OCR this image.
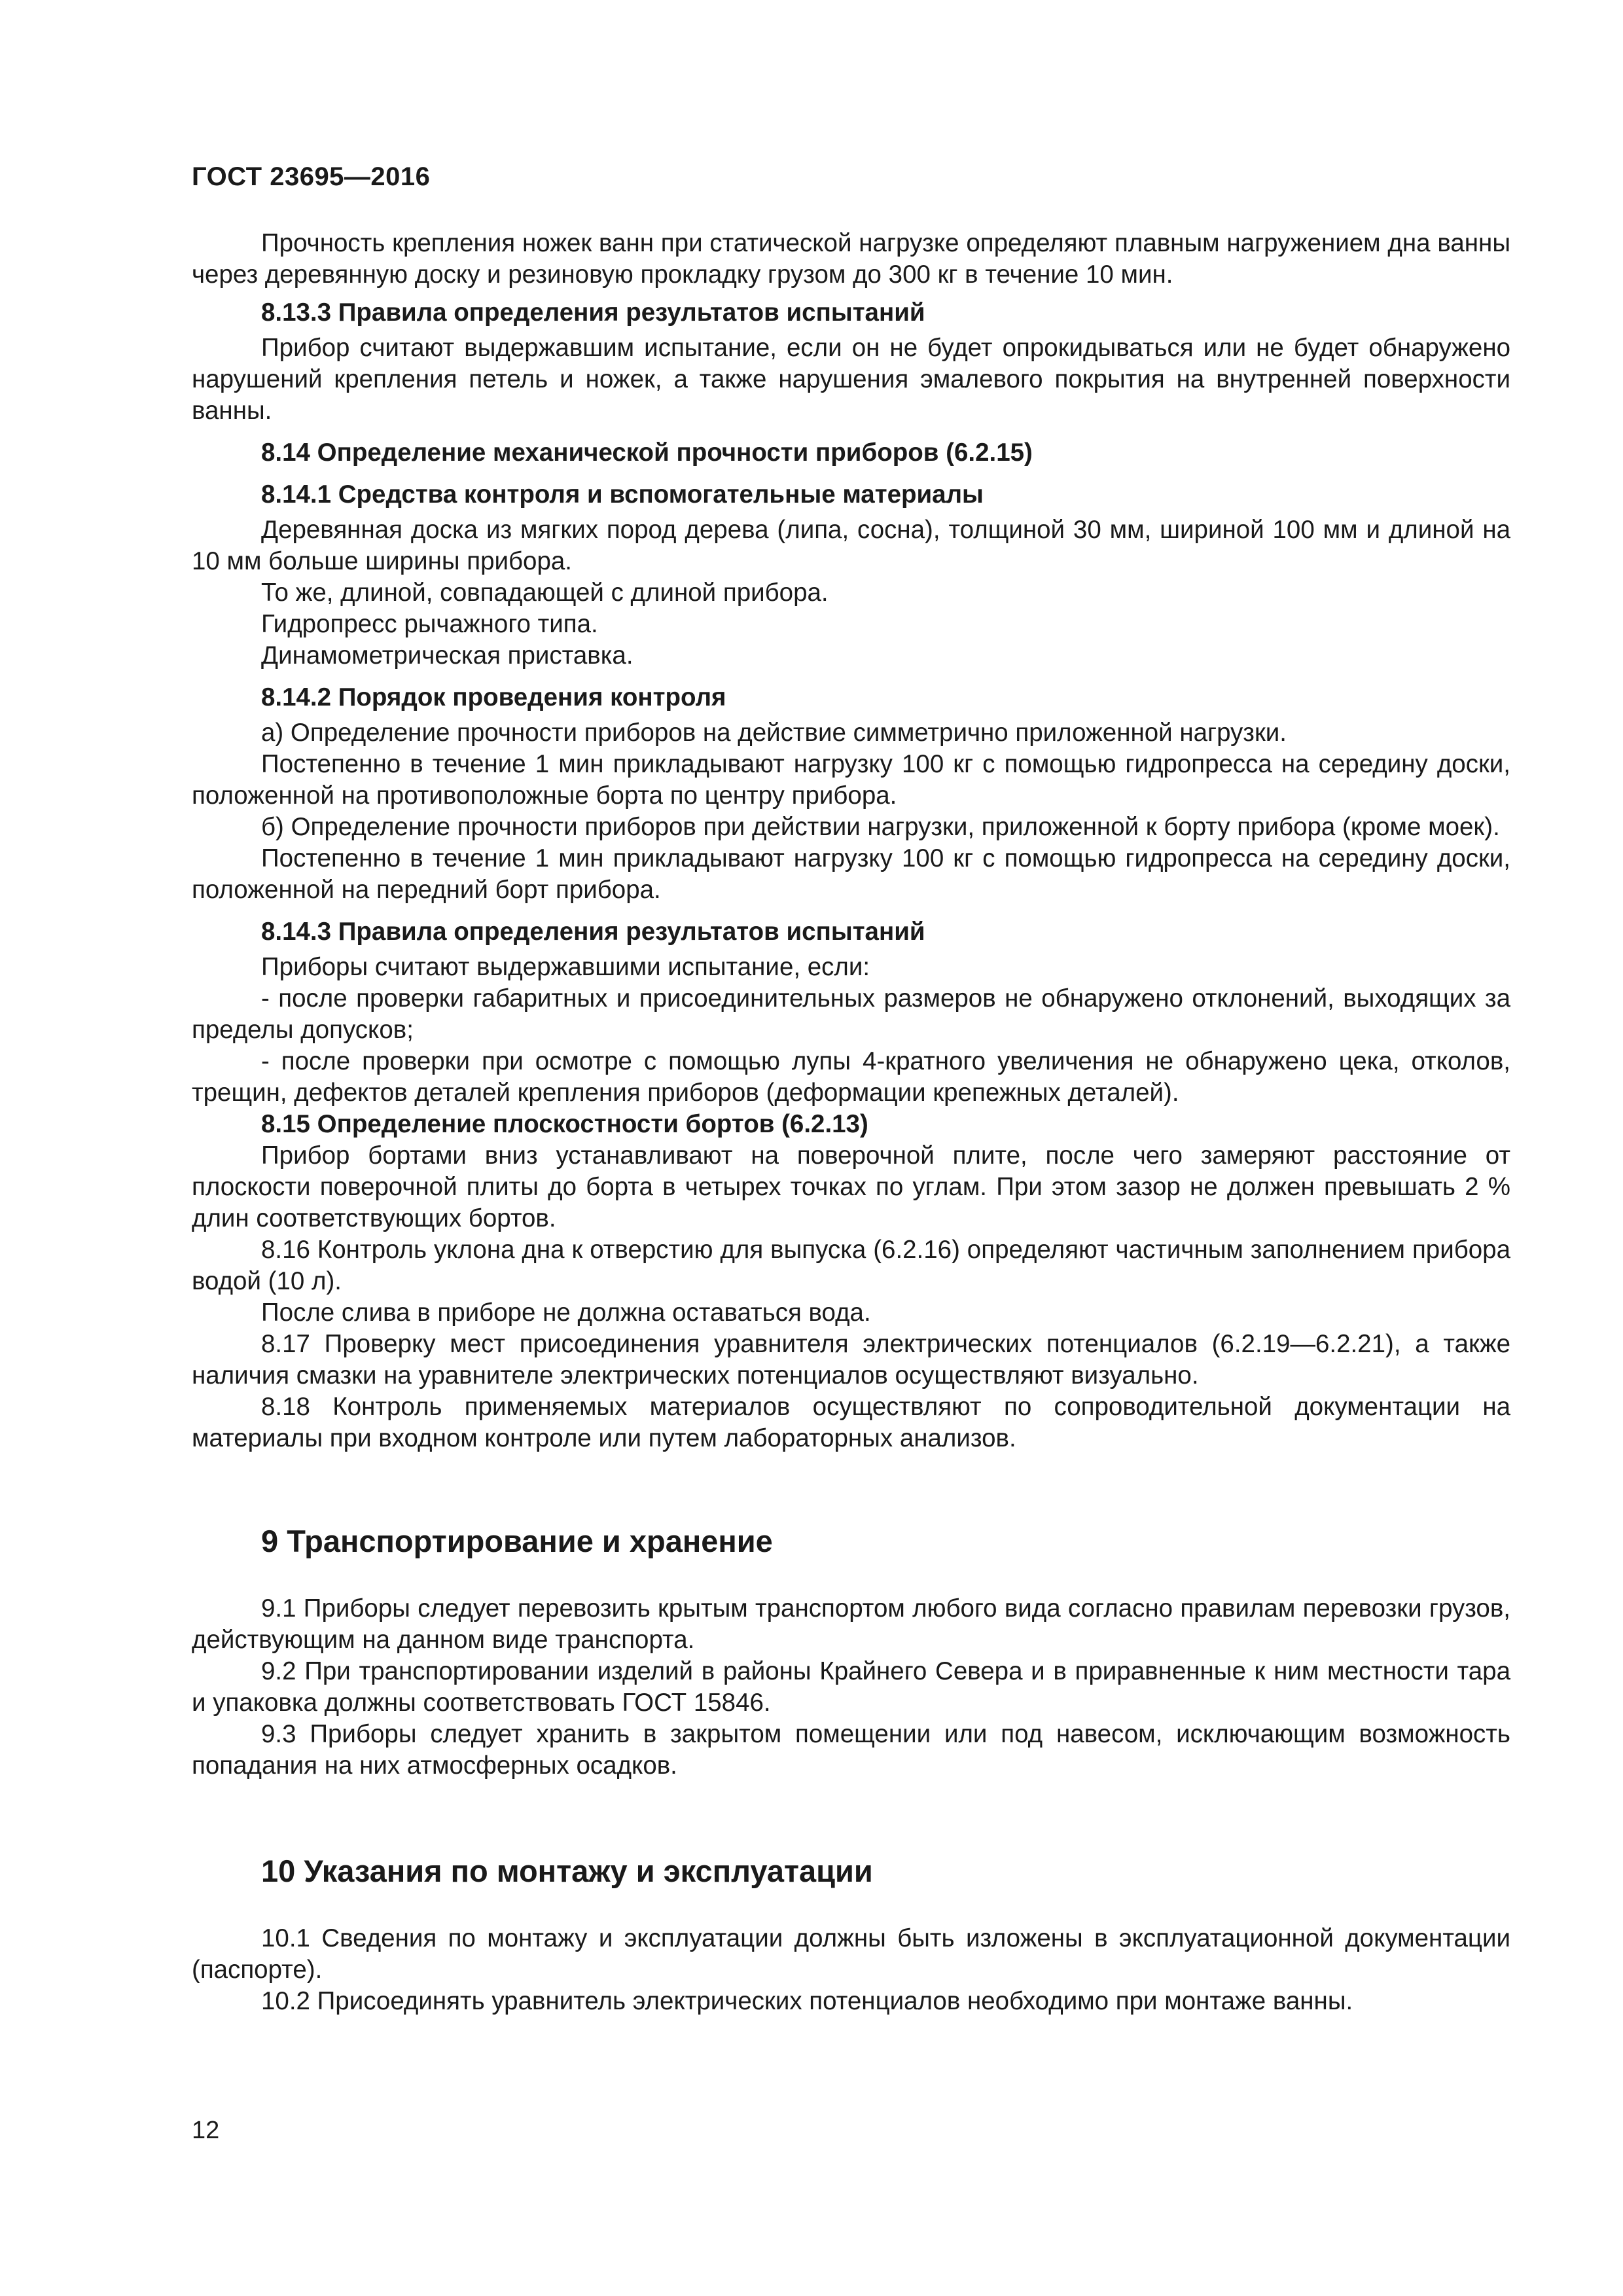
ГОСТ 23695—2016

Прочность крепления ножек ванн при статической нагрузке определяют плавным нагружением дна ванны через деревянную доску и резиновую прокладку грузом до 300 кг в течение 10 мин.

8.13.3 Правила определения результатов испытаний

Прибор считают выдержавшим испытание, если он не будет опрокидываться или не будет обнаружено нарушений крепления петель и ножек, а также нарушения эмалевого покрытия на внутренней поверхности ванны.

8.14 Определение механической прочности приборов (6.2.15)

8.14.1 Средства контроля и вспомогательные материалы

Деревянная доска из мягких пород дерева (липа, сосна), толщиной 30 мм, шириной 100 мм и длиной на 10 мм больше ширины прибора.

То же, длиной, совпадающей с длиной прибора.

Гидропресс рычажного типа.

Динамометрическая приставка.

8.14.2 Порядок проведения контроля

а) Определение прочности приборов на действие симметрично приложенной нагрузки.

Постепенно в течение 1 мин прикладывают нагрузку 100 кг с помощью гидропресса на середину доски, положенной на противоположные борта по центру прибора.

б) Определение прочности приборов при действии нагрузки, приложенной к борту прибора (кроме моек).

Постепенно в течение 1 мин прикладывают нагрузку 100 кг с помощью гидропресса на середину доски, положенной на передний борт прибора.

8.14.3 Правила определения результатов испытаний

Приборы считают выдержавшими испытание, если:

- после проверки габаритных и присоединительных размеров не обнаружено отклонений, выходящих за пределы допусков;

- после проверки при осмотре с помощью лупы 4-кратного увеличения не обнаружено цека, отколов, трещин, дефектов деталей крепления приборов (деформации крепежных деталей).

8.15 Определение плоскостности бортов (6.2.13)

Прибор бортами вниз устанавливают на поверочной плите, после чего замеряют расстояние от плоскости поверочной плиты до борта в четырех точках по углам. При этом зазор не должен превышать 2 % длин соответствующих бортов.

8.16 Контроль уклона дна к отверстию для выпуска (6.2.16) определяют частичным заполнением прибора водой (10 л).

После слива в приборе не должна оставаться вода.

8.17 Проверку мест присоединения уравнителя электрических потенциалов (6.2.19—6.2.21), а также наличия смазки на уравнителе электрических потенциалов осуществляют визуально.

8.18 Контроль применяемых материалов осуществляют по сопроводительной документации на материалы при входном контроле или путем лабораторных анализов.

9 Транспортирование и хранение

9.1 Приборы следует перевозить крытым транспортом любого вида согласно правилам перевозки грузов, действующим на данном виде транспорта.

9.2 При транспортировании изделий в районы Крайнего Севера и в приравненные к ним местности тара и упаковка должны соответствовать ГОСТ 15846.

9.3 Приборы следует хранить в закрытом помещении или под навесом, исключающим возможность попадания на них атмосферных осадков.

10 Указания по монтажу и эксплуатации

10.1 Сведения по монтажу и эксплуатации должны быть изложены в эксплуатационной документации (паспорте).

10.2 Присоединять уравнитель электрических потенциалов необходимо при монтаже ванны.

12
